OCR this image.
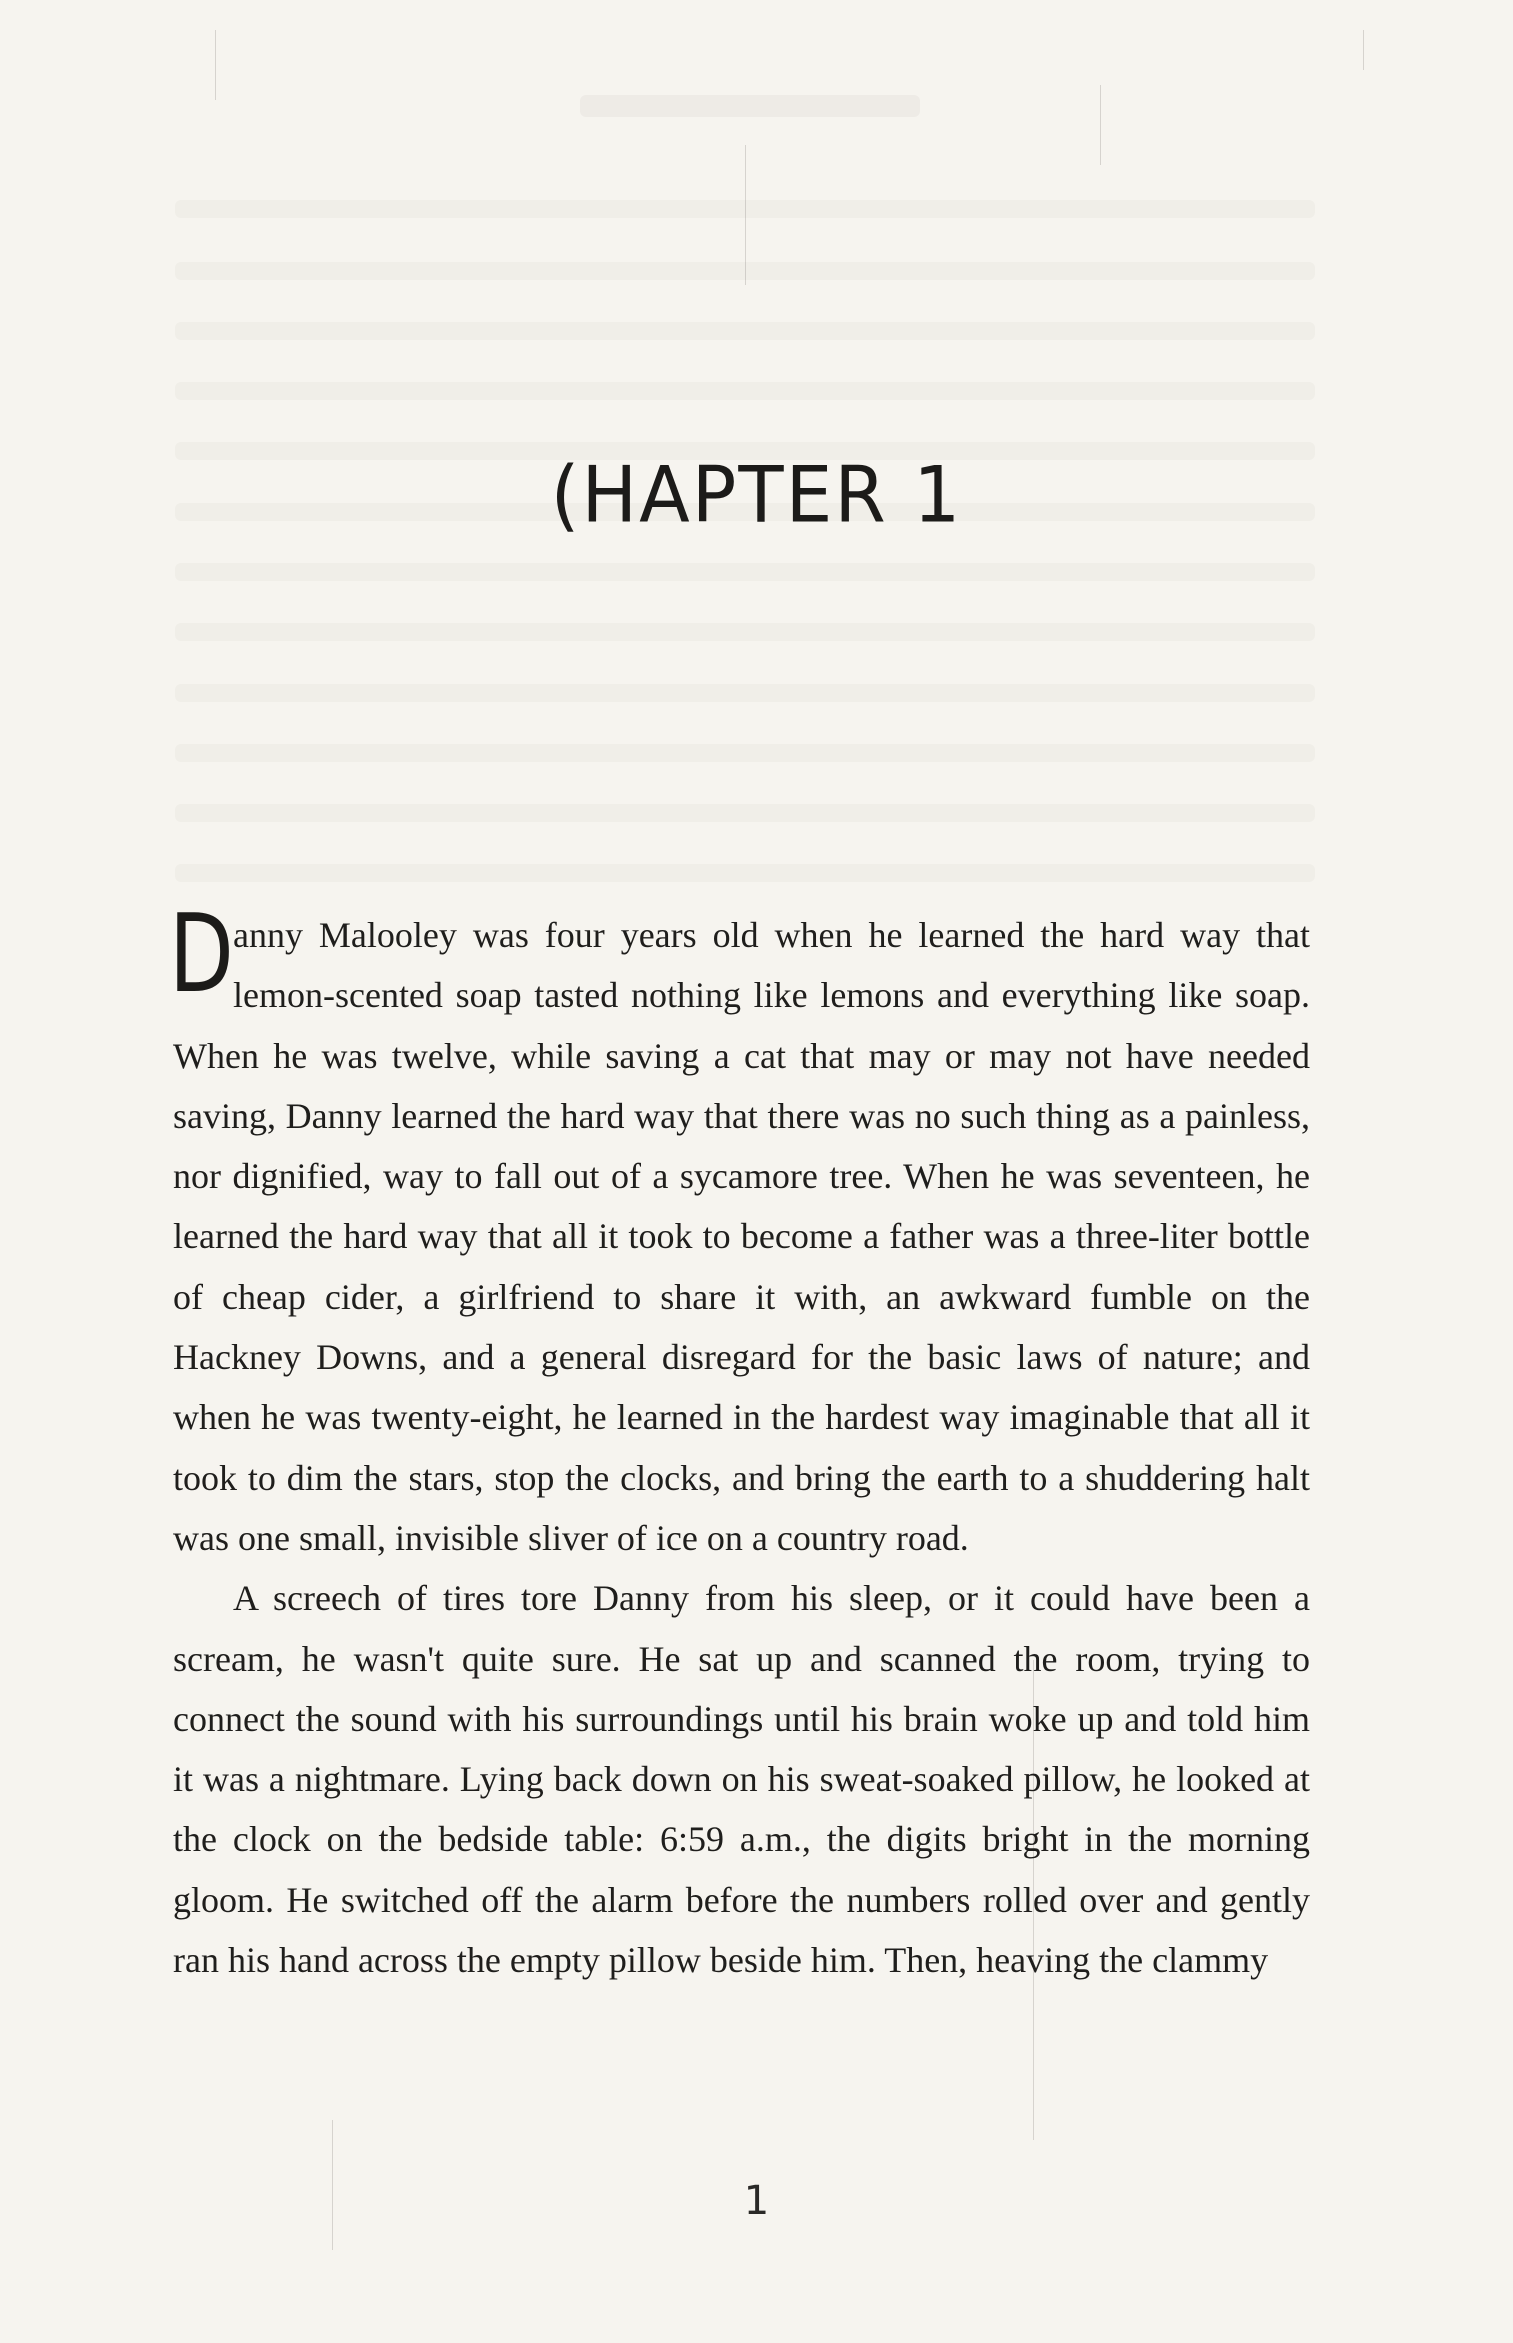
(HAPTER 1

Danny Malooley was four years old when he learned the hard way that lemon-scented soap tasted nothing like lemons and everything like soap. When he was twelve, while saving a cat that may or may not have needed saving, Danny learned the hard way that there was no such thing as a painless, nor dignified, way to fall out of a sycamore tree. When he was seventeen, he learned the hard way that all it took to become a father was a three-liter bottle of cheap cider, a girlfriend to share it with, an awkward fumble on the Hackney Downs, and a general disregard for the basic laws of nature; and when he was twenty-eight, he learned in the hardest way imaginable that all it took to dim the stars, stop the clocks, and bring the earth to a shuddering halt was one small, invisible sliver of ice on a country road.

A screech of tires tore Danny from his sleep, or it could have been a scream, he wasn't quite sure. He sat up and scanned the room, trying to connect the sound with his surroundings until his brain woke up and told him it was a nightmare. Lying back down on his sweat-soaked pillow, he looked at the clock on the bedside table: 6:59 a.m., the digits bright in the morning gloom. He switched off the alarm before the numbers rolled over and gently ran his hand across the empty pillow beside him. Then, heaving the clammy

1
